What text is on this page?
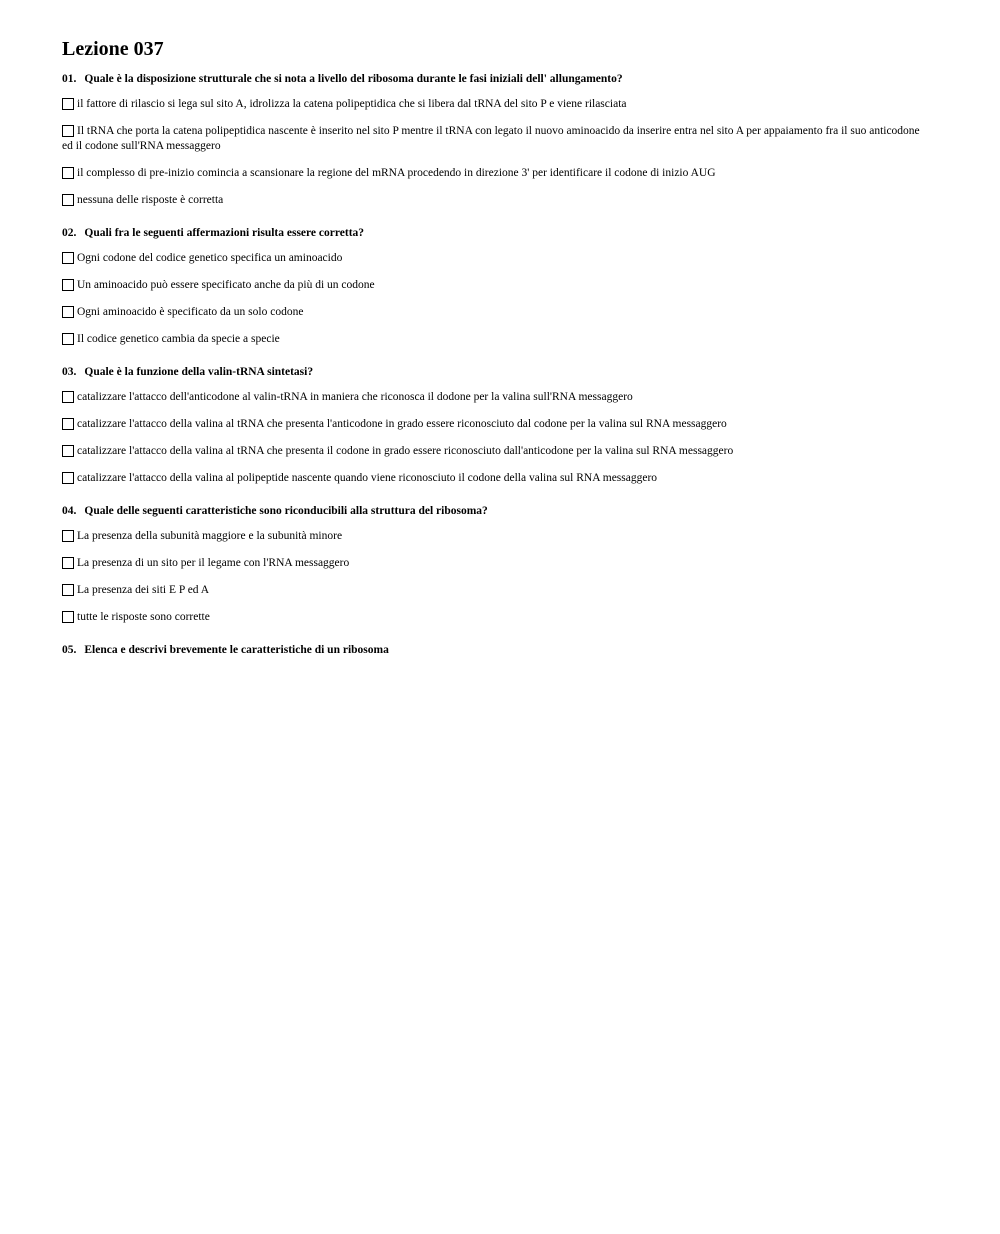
Lezione 037
01. Quale è la disposizione strutturale che si nota a livello del ribosoma durante le fasi iniziali dell' allungamento?
il fattore di rilascio si lega sul sito A, idrolizza la catena polipeptidica che si libera dal tRNA del sito P e viene rilasciata
Il tRNA che porta la catena polipeptidica nascente è inserito nel sito P mentre il tRNA con legato il nuovo aminoacido da inserire entra nel sito A per appaiamento fra il suo anticodone ed il codone sull'RNA messaggero
il complesso di pre-inizio comincia a scansionare la regione del mRNA procedendo in direzione 3' per identificare il codone di inizio AUG
nessuna delle risposte è corretta
02. Quali fra le seguenti affermazioni risulta essere corretta?
Ogni codone del codice genetico specifica un aminoacido
Un aminoacido può essere specificato anche da più di un codone
Ogni aminoacido è specificato da un solo codone
Il codice genetico cambia da specie a specie
03. Quale è la funzione della valin-tRNA sintetasi?
catalizzare l'attacco dell'anticodone al valin-tRNA in maniera che riconosca il dodone per la valina sull'RNA messaggero
catalizzare l'attacco della valina al tRNA che presenta l'anticodone in grado essere riconosciuto dal codone per la valina sul RNA messaggero
catalizzare l'attacco della valina al tRNA che presenta il codone in grado essere riconosciuto dall'anticodone per la valina sul RNA messaggero
catalizzare l'attacco della valina al polipeptide nascente quando viene riconosciuto il codone della valina sul RNA messaggero
04. Quale delle seguenti caratteristiche sono riconducibili alla struttura del ribosoma?
La presenza della subunità maggiore e la subunità minore
La presenza di un sito per il legame con l'RNA messaggero
La presenza dei siti E P ed A
tutte le risposte sono corrette
05. Elenca e descrivi brevemente le caratteristiche di un ribosoma
